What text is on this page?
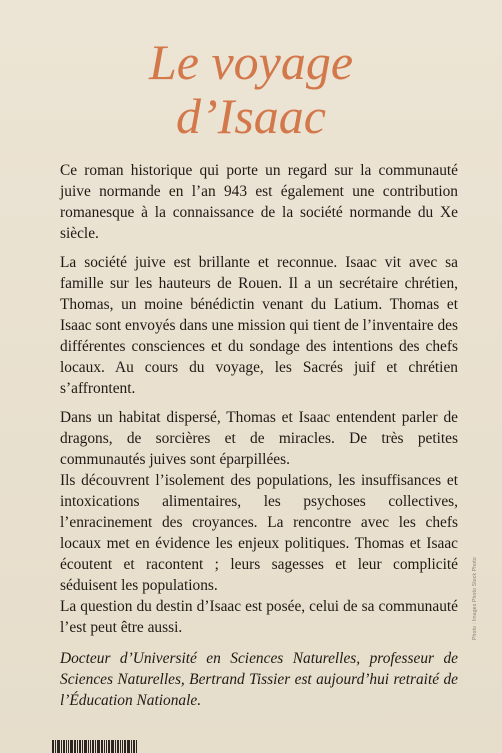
Le voyage
d’Isaac

Ce roman historique qui porte un regard sur la communauté juive normande en l’an 943 est également une contribution romanesque à la connaissance de la société normande du Xe siècle.

La société juive est brillante et reconnue. Isaac vit avec sa famille sur les hauteurs de Rouen. Il a un secrétaire chrétien, Thomas, un moine bénédictin venant du Latium. Thomas et Isaac sont envoyés dans une mission qui tient de l’inventaire des différentes consciences et du sondage des intentions des chefs locaux. Au cours du voyage, les Sacrés juif et chrétien s’affrontent.

Dans un habitat dispersé, Thomas et Isaac entendent parler de dragons, de sorcières et de miracles. De très petites communautés juives sont éparpillées.

Ils découvrent l’isolement des populations, les insuffisances et intoxications alimentaires, les psychoses collectives, l’enracinement des croyances. La rencontre avec les chefs locaux met en évidence les enjeux politiques. Thomas et Isaac écoutent et racontent ; leurs sagesses et leur complicité séduisent les populations.

La question du destin d’Isaac est posée, celui de sa communauté l’est peut être aussi.

Docteur d’Université en Sciences Naturelles, professeur de Sciences Naturelles, Bertrand Tissier est aujourd’hui retraité de l’Éducation Nationale.

Photo : Images Photo Stock Photo
